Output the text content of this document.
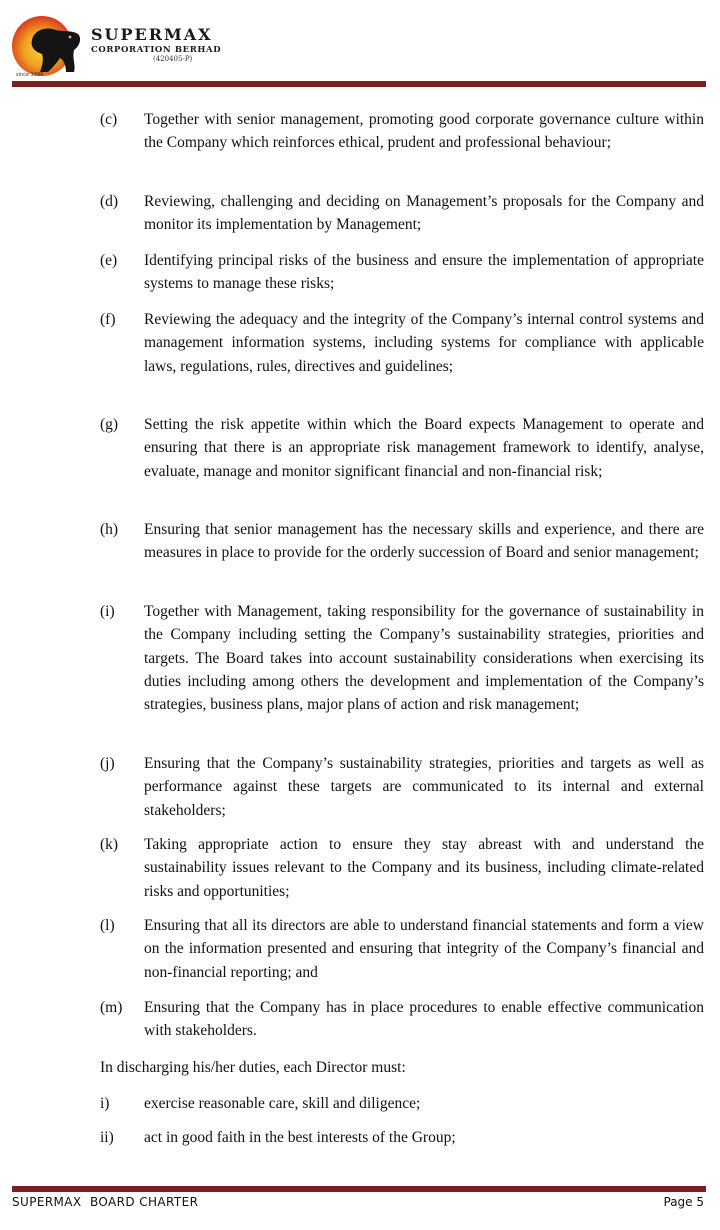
since 1986
SUPERMAX
CORPORATION BERHAD
(420405-P)
(c)	Together with senior management, promoting good corporate governance culture within the Company which reinforces ethical, prudent and professional behaviour;
(d)	Reviewing, challenging and deciding on Management’s proposals for the Company and monitor its implementation by Management;
(e)	Identifying principal risks of the business and ensure the implementation of appropriate systems to manage these risks;
(f)	Reviewing the adequacy and the integrity of the Company’s internal control systems and management information systems, including systems for compliance with applicable laws, regulations, rules, directives and guidelines;
(g)	Setting the risk appetite within which the Board expects Management to operate and ensuring that there is an appropriate risk management framework to identify, analyse, evaluate, manage and monitor significant financial and non-financial risk;
(h)	Ensuring that senior management has the necessary skills and experience, and there are measures in place to provide for the orderly succession of Board and senior management;
(i)	Together with Management, taking responsibility for the governance of sustainability in the Company including setting the Company’s sustainability strategies, priorities and targets. The Board takes into account sustainability considerations when exercising its duties including among others the development and implementation of the Company’s strategies, business plans, major plans of action and risk management;
(j)	Ensuring that the Company’s sustainability strategies, priorities and targets as well as performance against these targets are communicated to its internal and external stakeholders;
(k)	Taking appropriate action to ensure they stay abreast with and understand the sustainability issues relevant to the Company and its business, including climate-related risks and opportunities;
(l)	Ensuring that all its directors are able to understand financial statements and form a view on the information presented and ensuring that integrity of the Company’s financial and non-financial reporting; and
(m)	Ensuring that the Company has in place procedures to enable effective communication with stakeholders.
In discharging his/her duties, each Director must:
i)	exercise reasonable care, skill and diligence;
ii)	act in good faith in the best interests of the Group;
SUPERMAX  BOARD CHARTER	Page 5
